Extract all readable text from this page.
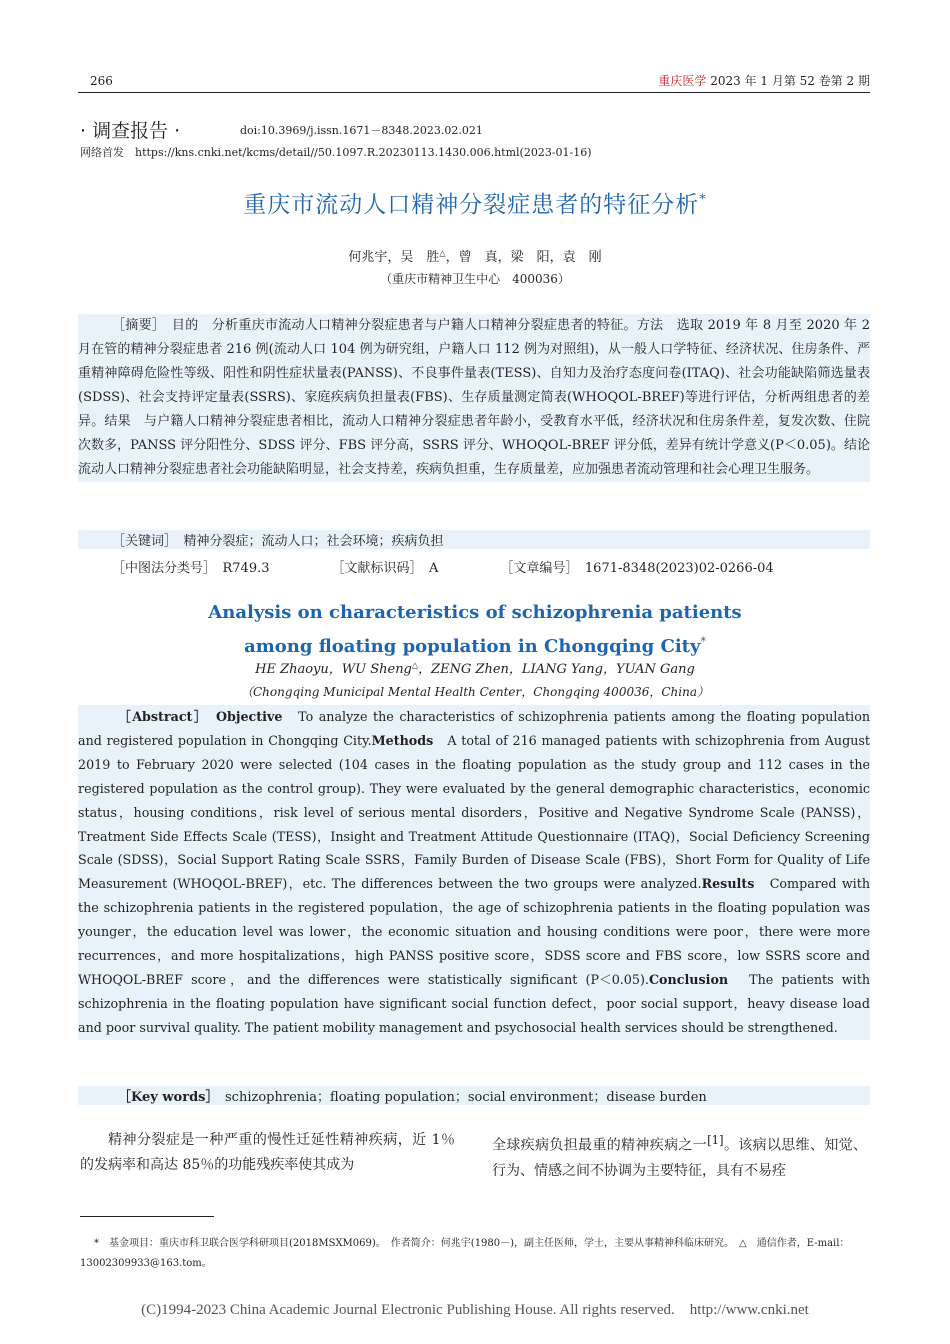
266	重庆医学 2023 年 1 月第 52 卷第 2 期
· 调查报告 ·	doi:10.3969/j.issn.1671－8348.2023.02.021
网络首发　https://kns.cnki.net/kcms/detail//50.1097.R.20230113.1430.006.html(2023-01-16)
重庆市流动人口精神分裂症患者的特征分析*
何兆宇，吴　胜△，曾　真，梁　阳，袁　刚
（重庆市精神卫生中心　400036）

［摘要］　目的　分析重庆市流动人口精神分裂症患者与户籍人口精神分裂症患者的特征。方法　选取 2019 年 8 月至 2020 年 2 月在管的精神分裂症患者 216 例(流动人口 104 例为研究组，户籍人口 112 例为对照组)，从一般人口学特征、经济状况、住房条件、严重精神障碍危险性等级、阳性和阴性症状量表(PANSS)、不良事件量表(TESS)、自知力及治疗态度问卷(ITAQ)、社会功能缺陷筛选量表(SDSS)、社会支持评定量表(SSRS)、家庭疾病负担量表(FBS)、生存质量测定简表(WHOQOL-BREF)等进行评估，分析两组患者的差异。结果　与户籍人口精神分裂症患者相比，流动人口精神分裂症患者年龄小，受教育水平低，经济状况和住房条件差，复发次数、住院次数多，PANSS 评分阳性分、SDSS 评分、FBS 评分高，SSRS 评分、WHOQOL-BREF 评分低，差异有统计学意义(P＜0.05)。结论　流动人口精神分裂症患者社会功能缺陷明显，社会支持差，疾病负担重，生存质量差，应加强患者流动管理和社会心理卫生服务。

［关键词］　精神分裂症；流动人口；社会环境；疾病负担
［中图法分类号］　R749.3	［文献标识码］　A	［文章编号］　1671-8348(2023)02-0266-04
Analysis on characteristics of schizophrenia patients
among floating population in Chongqing City*
HE Zhaoyu，WU Sheng△，ZENG Zhen，LIANG Yang，YUAN Gang
（Chongqing Municipal Mental Health Center，Chongqing 400036，China）

［Abstract］　 Objective　 To analyze the characteristics of schizophrenia patients among the floating population and registered population in Chongqing City.Methods　 A total of 216 managed patients with schizophrenia from August 2019 to February 2020 were selected (104 cases in the floating population as the study group and 112 cases in the registered population as the control group). They were evaluated by the general demographic characteristics，economic status，housing conditions，risk level of serious mental disorders，Positive and Negative Syndrome Scale (PANSS)，Treatment Side Effects Scale (TESS)，Insight and Treatment Attitude Questionnaire (ITAQ)，Social Deficiency Screening Scale (SDSS)，Social Support Rating Scale SSRS，Family Burden of Disease Scale (FBS)，Short Form for Quality of Life Measurement (WHOQOL-BREF)，etc. The differences between the two groups were analyzed.Results　 Compared with the schizophrenia patients in the registered population，the age of schizophrenia patients in the floating population was younger，the education level was lower，the economic situation and housing conditions were poor，there were more recurrences，and more hospitalizations，high PANSS positive score，SDSS score and FBS score，low SSRS score and WHOQOL-BREF score，and the differences were statistically significant (P＜0.05).Conclusion　 The patients with schizophrenia in the floating population have significant social function defect，poor social support，heavy disease load and poor survival quality. The patient mobility management and psychosocial health services should be strengthened.

［Key words］　 schizophrenia；floating population；social environment；disease burden

精神分裂症是一种严重的慢性迁延性精神疾病，近 1％的发病率和高达 85％的功能残疾率使其成为

全球疾病负担最重的精神疾病之一[1]。该病以思维、知觉、行为、情感之间不协调为主要特征，具有不易痊

*　基金项目：重庆市科卫联合医学科研项目(2018MSXM069)。　作者简介：何兆宇(1980－)，副主任医师，学士，主要从事精神科临床研究。　△　通信作者，E-mail：13002309933@163.tom。

(C)1994-2023 China Academic Journal Electronic Publishing House. All rights reserved.　http://www.cnki.net
